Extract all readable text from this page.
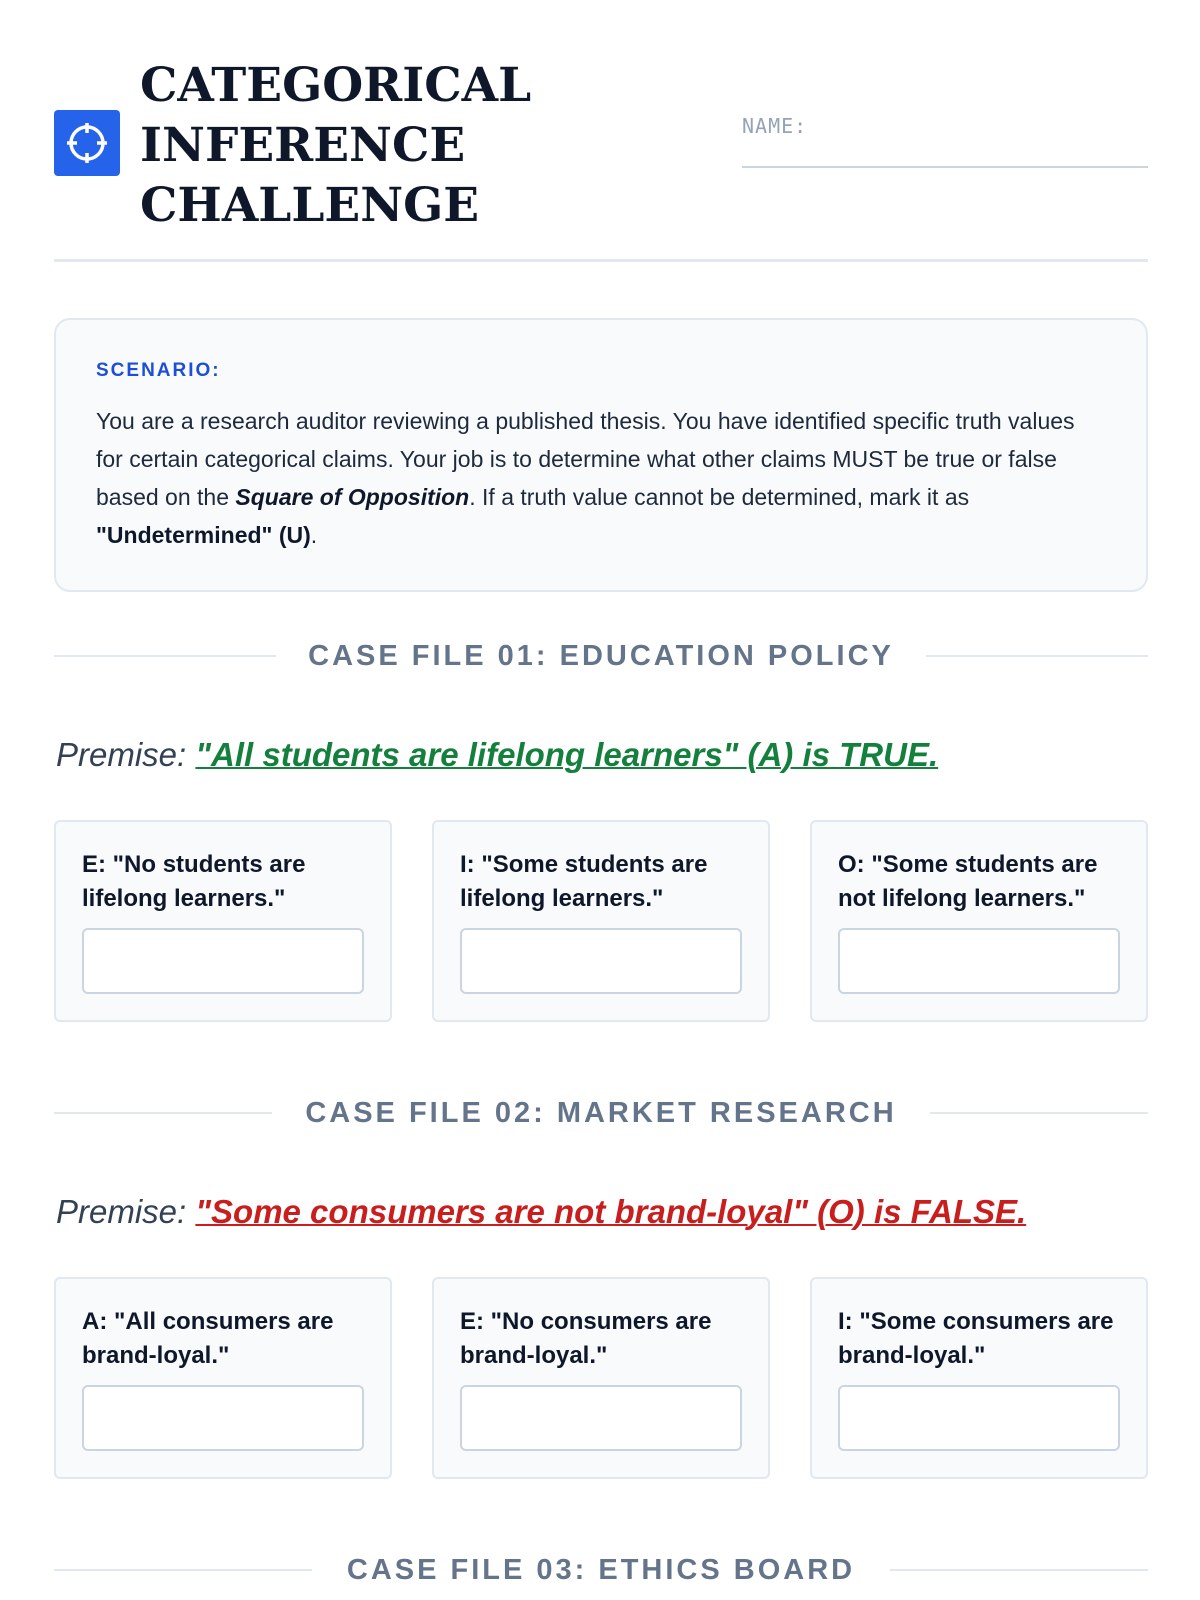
CATEGORICAL
INFERENCE
CHALLENGE
NAME:
SCENARIO:

You are a research auditor reviewing a published thesis. You have identified specific truth values for certain categorical claims. Your job is to determine what other claims MUST be true or false based on the Square of Opposition. If a truth value cannot be determined, mark it as "Undetermined" (U).

CASE FILE 01: EDUCATION POLICY
Premise: "All students are lifelong learners" (A) is TRUE.
E: "No students are lifelong learners."
I: "Some students are lifelong learners."
O: "Some students are not lifelong learners."
CASE FILE 02: MARKET RESEARCH
Premise: "Some consumers are not brand-loyal" (O) is FALSE.
A: "All consumers are brand-loyal."
E: "No consumers are brand-loyal."
I: "Some consumers are brand-loyal."
CASE FILE 03: ETHICS BOARD
